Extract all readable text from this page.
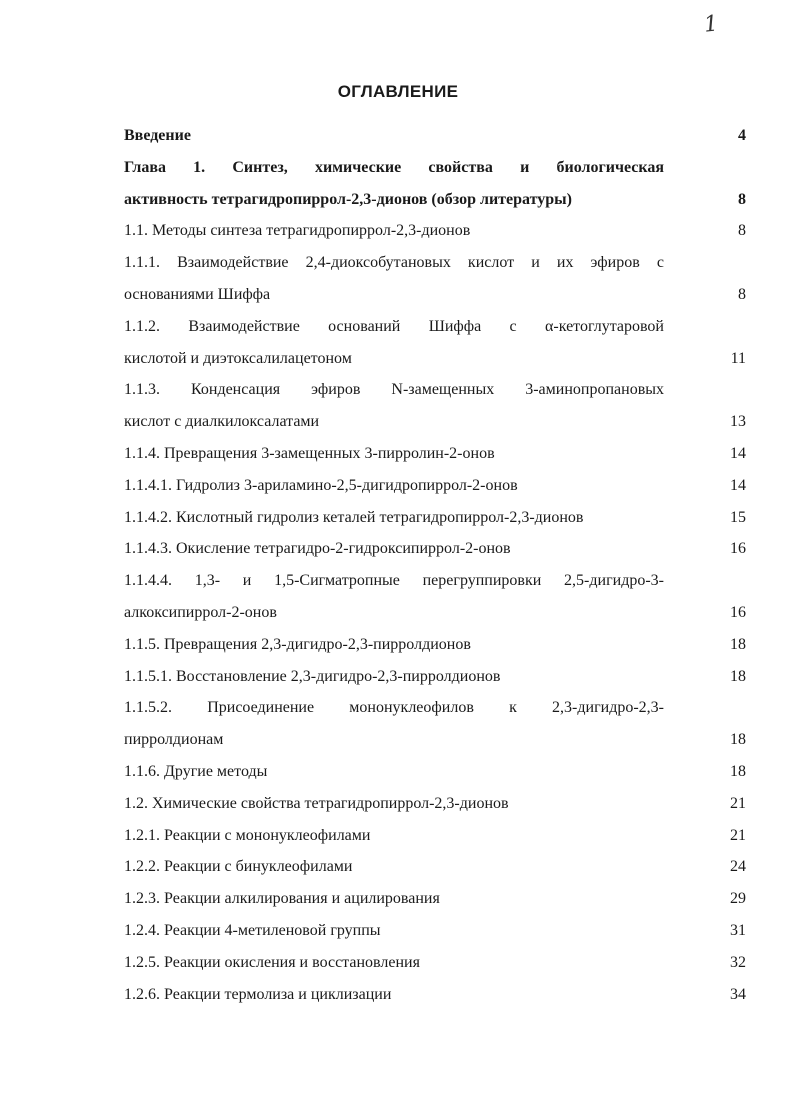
1
ОГЛАВЛЕНИЕ
Введение	4
Глава 1. Синтез, химические свойства и биологическая
активность тетрагидропиррол-2,3-дионов (обзор литературы)	8
1.1. Методы синтеза тетрагидропиррол-2,3-дионов	8
1.1.1. Взаимодействие 2,4-диоксобутановых кислот и их эфиров с
основаниями Шиффа	8
1.1.2. Взаимодействие оснований Шиффа с α-кетоглутаровой
кислотой и диэтоксалилацетоном	11
1.1.3. Конденсация эфиров N-замещенных 3-аминопропановых
кислот с диалкилоксалатами	13
1.1.4. Превращения 3-замещенных 3-пирролин-2-онов	14
1.1.4.1. Гидролиз 3-ариламино-2,5-дигидропиррол-2-онов	14
1.1.4.2. Кислотный гидролиз кеталей тетрагидропиррол-2,3-дионов	15
1.1.4.3. Окисление тетрагидро-2-гидроксипиррол-2-онов	16
1.1.4.4. 1,3- и 1,5-Сигматропные перегруппировки 2,5-дигидро-3-
алкоксипиррол-2-онов	16
1.1.5. Превращения 2,3-дигидро-2,3-пирролдионов	18
1.1.5.1. Восстановление 2,3-дигидро-2,3-пирролдионов	18
1.1.5.2. Присоединение мононуклеофилов к 2,3-дигидро-2,3-
пирролдионам	18
1.1.6. Другие методы	18
1.2. Химические свойства тетрагидропиррол-2,3-дионов	21
1.2.1. Реакции с мононуклеофилами	21
1.2.2. Реакции с бинуклеофилами	24
1.2.3. Реакции алкилирования и ацилирования	29
1.2.4. Реакции 4-метиленовой группы	31
1.2.5. Реакции окисления и восстановления	32
1.2.6. Реакции термолиза и циклизации	34
